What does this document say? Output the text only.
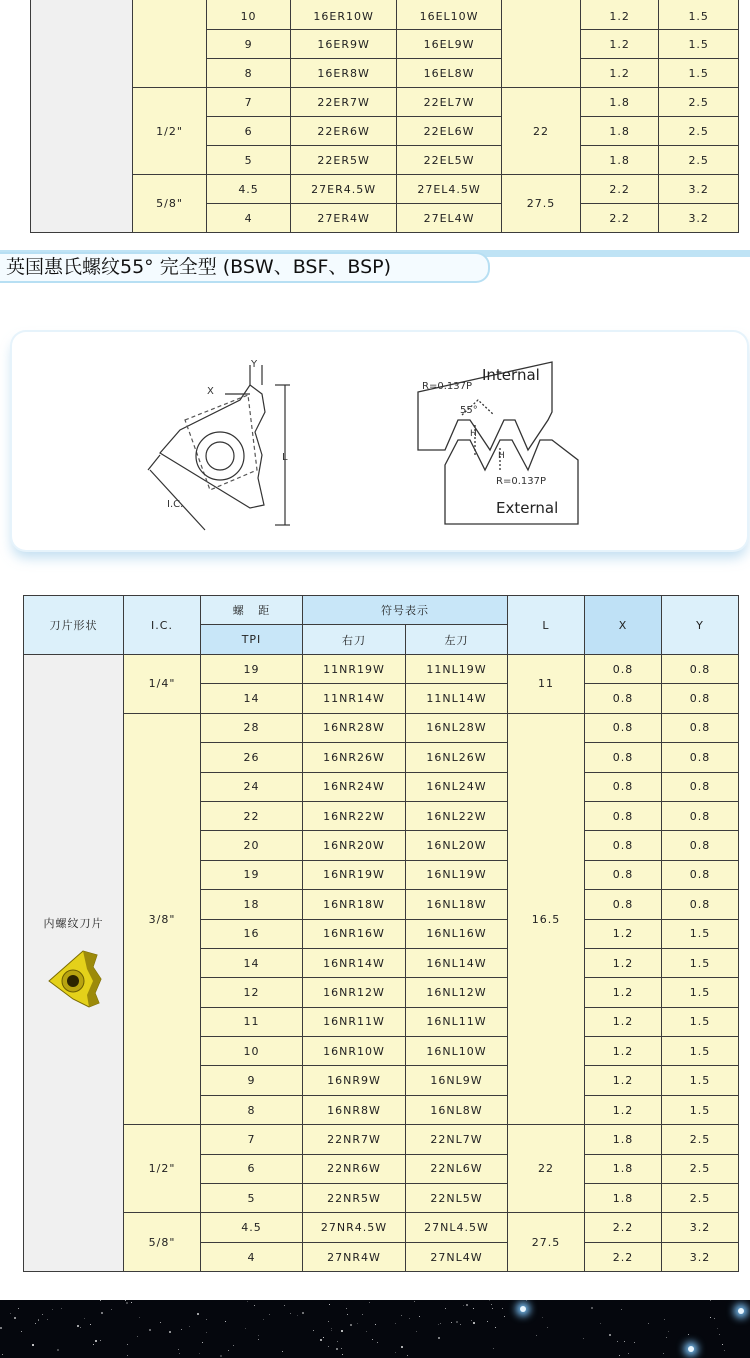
		10	16ER10W	16EL10W		1.2	1.5
		9	16ER9W	16EL9W		1.2	1.5
		8	16ER8W	16EL8W		1.2	1.5
	1/2"	7	22ER7W	22EL7W	22	1.8	2.5
		6	22ER6W	22EL6W		1.8	2.5
		5	22ER5W	22EL5W		1.8	2.5
	5/8"	4.5	27ER4.5W	27EL4.5W	27.5	2.2	3.2
		4	27ER4W	27EL4W		2.2	3.2
英国惠氏螺纹55° 完全型 (BSW、BSF、BSP)
Y
X
L
I.C.
R=0.137P
Internal
55°
H
H
R=0.137P
External
刀片形状	I.C.	螺   距	符号表示		L	X	Y
		TPI	右刀	左刀			

内螺纹刀片	1/4"	19	11NR19W	11NL19W	11	0.8	0.8
		14	11NR14W	11NL14W		0.8	0.8
	3/8"	28	16NR28W	16NL28W	16.5	0.8	0.8
		26	16NR26W	16NL26W		0.8	0.8
		24	16NR24W	16NL24W		0.8	0.8
		22	16NR22W	16NL22W		0.8	0.8
		20	16NR20W	16NL20W		0.8	0.8
		19	16NR19W	16NL19W		0.8	0.8
		18	16NR18W	16NL18W		0.8	0.8
		16	16NR16W	16NL16W		1.2	1.5
		14	16NR14W	16NL14W		1.2	1.5
		12	16NR12W	16NL12W		1.2	1.5
		11	16NR11W	16NL11W		1.2	1.5
		10	16NR10W	16NL10W		1.2	1.5
		9	16NR9W	16NL9W		1.2	1.5
		8	16NR8W	16NL8W		1.2	1.5
	1/2"	7	22NR7W	22NL7W	22	1.8	2.5
		6	22NR6W	22NL6W		1.8	2.5
		5	22NR5W	22NL5W		1.8	2.5
	5/8"	4.5	27NR4.5W	27NL4.5W	27.5	2.2	3.2
		4	27NR4W	27NL4W		2.2	3.2
